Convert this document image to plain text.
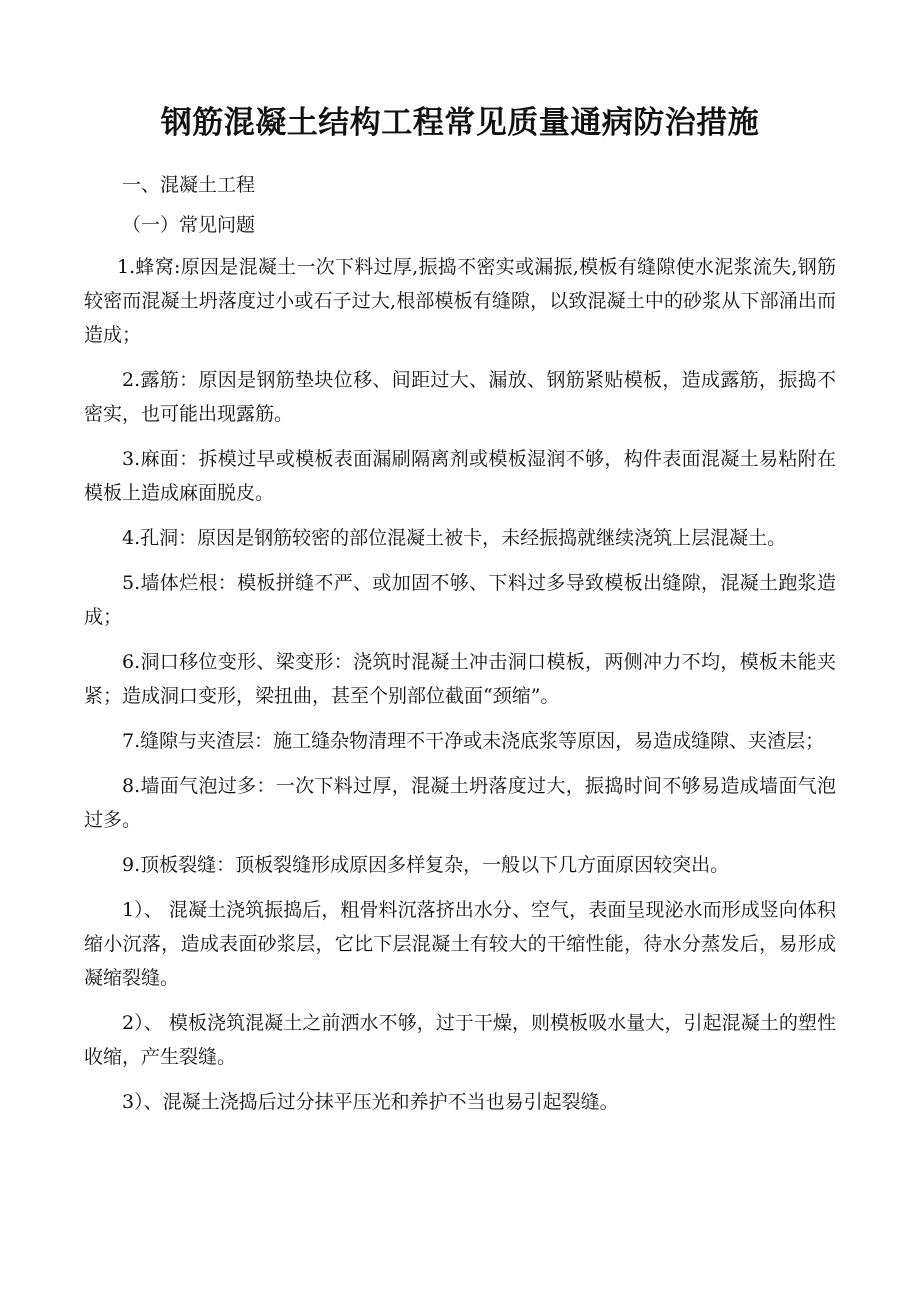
钢筋混凝土结构工程常见质量通病防治措施

一、混凝土工程

（一）常见问题

1.蜂窝:原因是混凝土一次下料过厚,振捣不密实或漏振,模板有缝隙使水泥浆流失,钢筋较密而混凝土坍落度过小或石子过大,根部模板有缝隙，以致混凝土中的砂浆从下部涌出而造成；

2.露筋：原因是钢筋垫块位移、间距过大、漏放、钢筋紧贴模板，造成露筋，振捣不密实，也可能出现露筋。

3.麻面：拆模过早或模板表面漏刷隔离剂或模板湿润不够，构件表面混凝土易粘附在模板上造成麻面脱皮。

4.孔洞：原因是钢筋较密的部位混凝土被卡，未经振捣就继续浇筑上层混凝土。

5.墙体烂根：模板拼缝不严、或加固不够、下料过多导致模板出缝隙，混凝土跑浆造成；

6.洞口移位变形、梁变形：浇筑时混凝土冲击洞口模板，两侧冲力不均，模板未能夹紧；造成洞口变形，梁扭曲，甚至个别部位截面“颈缩”。

7.缝隙与夹渣层：施工缝杂物清理不干净或未浇底浆等原因，易造成缝隙、夹渣层；

8.墙面气泡过多：一次下料过厚，混凝土坍落度过大，振捣时间不够易造成墙面气泡过多。

9.顶板裂缝：顶板裂缝形成原因多样复杂，一般以下几方面原因较突出。

1）、 混凝土浇筑振捣后，粗骨料沉落挤出水分、空气，表面呈现泌水而形成竖向体积缩小沉落，造成表面砂浆层，它比下层混凝土有较大的干缩性能，待水分蒸发后，易形成凝缩裂缝。

2）、 模板浇筑混凝土之前洒水不够，过于干燥，则模板吸水量大，引起混凝土的塑性收缩，产生裂缝。

3）、混凝土浇捣后过分抹平压光和养护不当也易引起裂缝。
